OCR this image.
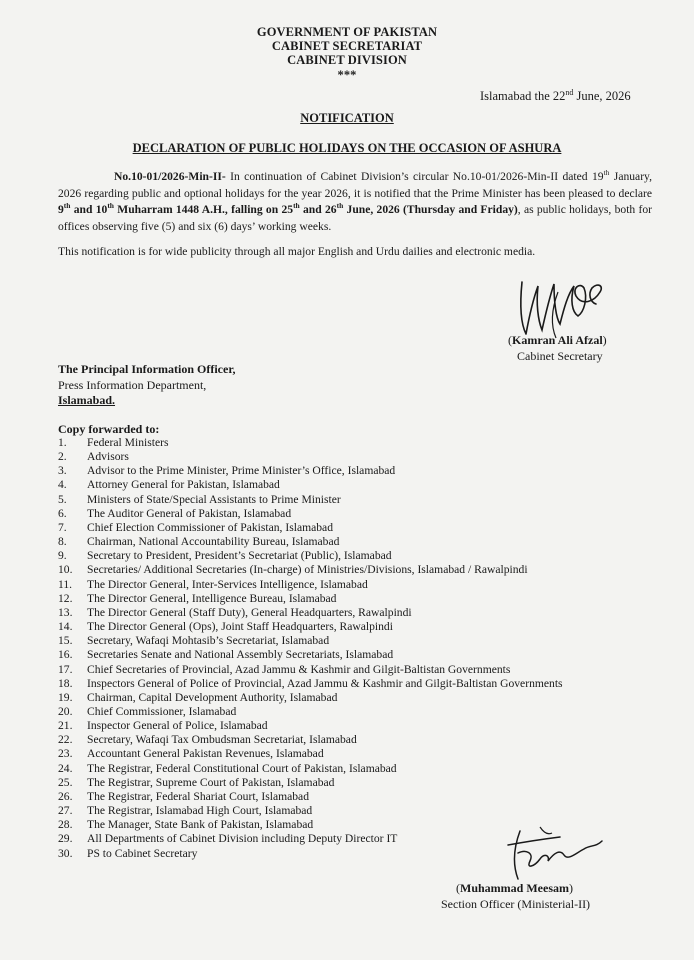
GOVERNMENT OF PAKISTAN
CABINET SECRETARIAT
CABINET DIVISION
***
Islamabad the 22nd June, 2026
NOTIFICATION
DECLARATION OF PUBLIC HOLIDAYS ON THE OCCASION OF ASHURA
No.10-01/2026-Min-II- In continuation of Cabinet Division’s circular No.10-01/2026-Min-II dated 19th January, 2026 regarding public and optional holidays for the year 2026, it is notified that the Prime Minister has been pleased to declare 9th and 10th Muharram 1448 A.H., falling on 25th and 26th June, 2026 (Thursday and Friday), as public holidays, both for offices observing five (5) and six (6) days’ working weeks.
This notification is for wide publicity through all major English and Urdu dailies and electronic media.
(Kamran Ali Afzal)
Cabinet Secretary
The Principal Information Officer,
Press Information Department,
Islamabad.
Copy forwarded to:
1. Federal Ministers
2. Advisors
3. Advisor to the Prime Minister, Prime Minister’s Office, Islamabad
4. Attorney General for Pakistan, Islamabad
5. Ministers of State/Special Assistants to Prime Minister
6. The Auditor General of Pakistan, Islamabad
7. Chief Election Commissioner of Pakistan, Islamabad
8. Chairman, National Accountability Bureau, Islamabad
9. Secretary to President, President’s Secretariat (Public), Islamabad
10. Secretaries/ Additional Secretaries (In-charge) of Ministries/Divisions, Islamabad / Rawalpindi
11. The Director General, Inter-Services Intelligence, Islamabad
12. The Director General, Intelligence Bureau, Islamabad
13. The Director General (Staff Duty), General Headquarters, Rawalpindi
14. The Director General (Ops), Joint Staff Headquarters, Rawalpindi
15. Secretary, Wafaqi Mohtasib’s Secretariat, Islamabad
16. Secretaries Senate and National Assembly Secretariats, Islamabad
17. Chief Secretaries of Provincial, Azad Jammu & Kashmir and Gilgit-Baltistan Governments
18. Inspectors General of Police of Provincial, Azad Jammu & Kashmir and Gilgit-Baltistan Governments
19. Chairman, Capital Development Authority, Islamabad
20. Chief Commissioner, Islamabad
21. Inspector General of Police, Islamabad
22. Secretary, Wafaqi Tax Ombudsman Secretariat, Islamabad
23. Accountant General Pakistan Revenues, Islamabad
24. The Registrar, Federal Constitutional Court of Pakistan, Islamabad
25. The Registrar, Supreme Court of Pakistan, Islamabad
26. The Registrar, Federal Shariat Court, Islamabad
27. The Registrar, Islamabad High Court, Islamabad
28. The Manager, State Bank of Pakistan, Islamabad
29. All Departments of Cabinet Division including Deputy Director IT
30. PS to Cabinet Secretary
(Muhammad Meesam)
Section Officer (Ministerial-II)
